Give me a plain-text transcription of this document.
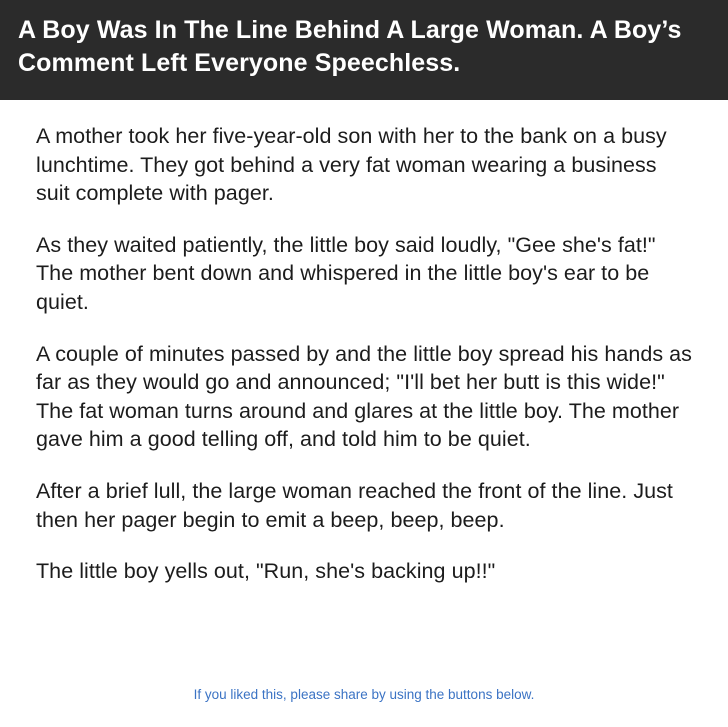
A Boy Was In The Line Behind A Large Woman. A Boy’s Comment Left Everyone Speechless.

A mother took her five-year-old son with her to the bank on a busy lunchtime. They got behind a very fat woman wearing a business suit complete with pager.

As they waited patiently, the little boy said loudly, "Gee she's fat!" The mother bent down and whispered in the little boy's ear to be quiet.

A couple of minutes passed by and the little boy spread his hands as far as they would go and announced; "I'll bet her butt is this wide!" The fat woman turns around and glares at the little boy. The mother gave him a good telling off, and told him to be quiet.

After a brief lull, the large woman reached the front of the line. Just then her pager begin to emit a beep, beep, beep.

The little boy yells out, "Run, she's backing up!!"

If you liked this, please share by using the buttons below.
